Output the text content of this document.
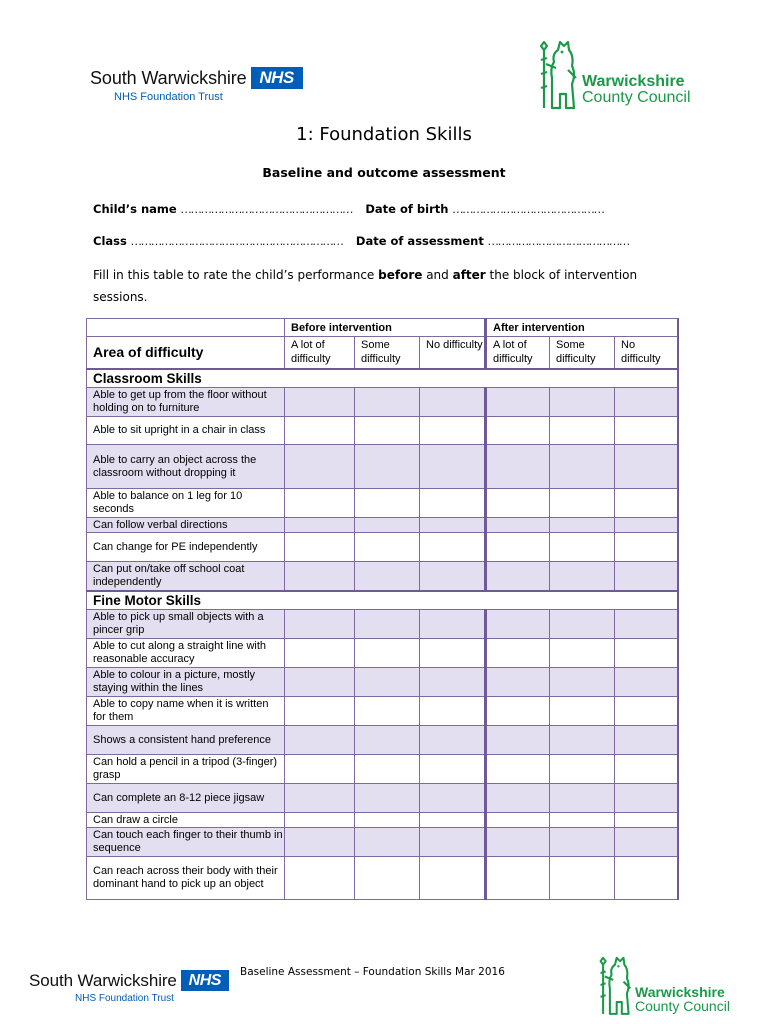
South Warwickshire NHS
NHS Foundation Trust
Warwickshire
County Council
1: Foundation Skills
Baseline and outcome assessment
Child’s name …………………………………………… Date of birth ………………………………………
Class ……………………………………………………… Date of assessment ……………………………………
Fill in this table to rate the child’s performance before and after the block of intervention sessions.
	Before intervention			After intervention		
Area of difficulty	A lot of difficulty	Some difficulty	No difficulty	A lot of difficulty	Some difficulty	No difficulty
Classroom Skills						
Able to get up from the floor without holding on to furniture						
Able to sit upright in a chair in class						
Able to carry an object across the classroom without dropping it						
Able to balance on 1 leg for 10 seconds						
Can follow verbal directions						
Can change for PE independently						
Can put on/take off school coat independently						
Fine Motor Skills						
Able to pick up small objects with a pincer grip						
Able to cut along a straight line with reasonable accuracy						
Able to colour in a picture, mostly staying within the lines						
Able to copy name when it is written for them						
Shows a consistent hand preference						
Can hold a pencil in a tripod (3-finger) grasp						
Can complete an 8-12 piece jigsaw						
Can draw a circle						
Can touch each finger to their thumb in sequence						
Can reach across their body with their dominant hand to pick up an object						
South Warwickshire NHS
NHS Foundation Trust
Baseline Assessment – Foundation Skills Mar 2016
Warwickshire
County Council
